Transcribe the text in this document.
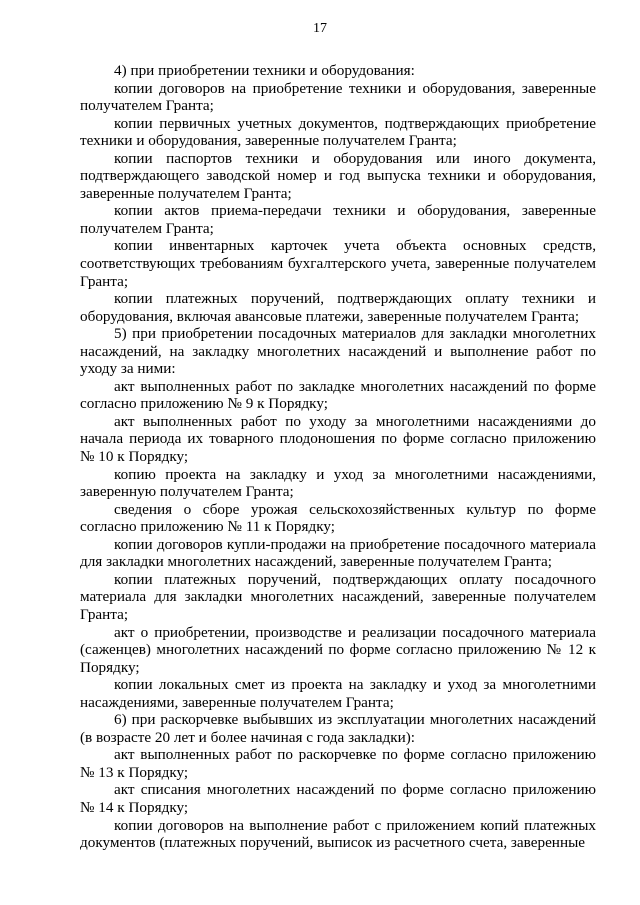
17

4) при приобретении техники и оборудования:

копии договоров на приобретение техники и оборудования, заверенные получателем Гранта;

копии первичных учетных документов, подтверждающих приобретение техники и оборудования, заверенные получателем Гранта;

копии паспортов техники и оборудования или иного документа, подтверждающего заводской номер и год выпуска техники и оборудования, заверенные получателем Гранта;

копии актов приема-передачи техники и оборудования, заверенные получателем Гранта;

копии инвентарных карточек учета объекта основных средств, соответствующих требованиям бухгалтерского учета, заверенные получателем Гранта;

копии платежных поручений, подтверждающих оплату техники и оборудования, включая авансовые платежи, заверенные получателем Гранта;

5) при приобретении посадочных материалов для закладки многолетних насаждений, на закладку многолетних насаждений и выполнение работ по уходу за ними:

акт выполненных работ по закладке многолетних насаждений по форме согласно приложению № 9 к Порядку;

акт выполненных работ по уходу за многолетними насаждениями до начала периода их товарного плодоношения по форме согласно приложению № 10 к Порядку;

копию проекта на закладку и уход за многолетними насаждениями, заверенную получателем Гранта;

сведения о сборе урожая сельскохозяйственных культур по форме согласно приложению № 11 к Порядку;

копии договоров купли-продажи на приобретение посадочного материала для закладки многолетних насаждений, заверенные получателем Гранта;

копии платежных поручений, подтверждающих оплату посадочного материала для закладки многолетних насаждений, заверенные получателем Гранта;

акт о приобретении, производстве и реализации посадочного материала (саженцев) многолетних насаждений по форме согласно приложению № 12 к Порядку;

копии локальных смет из проекта на закладку и уход за многолетними насаждениями, заверенные получателем Гранта;

6) при раскорчевке выбывших из эксплуатации многолетних насаждений (в возрасте 20 лет и более начиная с года закладки):

акт выполненных работ по раскорчевке по форме согласно приложению № 13 к Порядку;

акт списания многолетних насаждений по форме согласно приложению № 14 к Порядку;

копии договоров на выполнение работ с приложением копий платежных документов (платежных поручений, выписок из расчетного счета, заверенные
